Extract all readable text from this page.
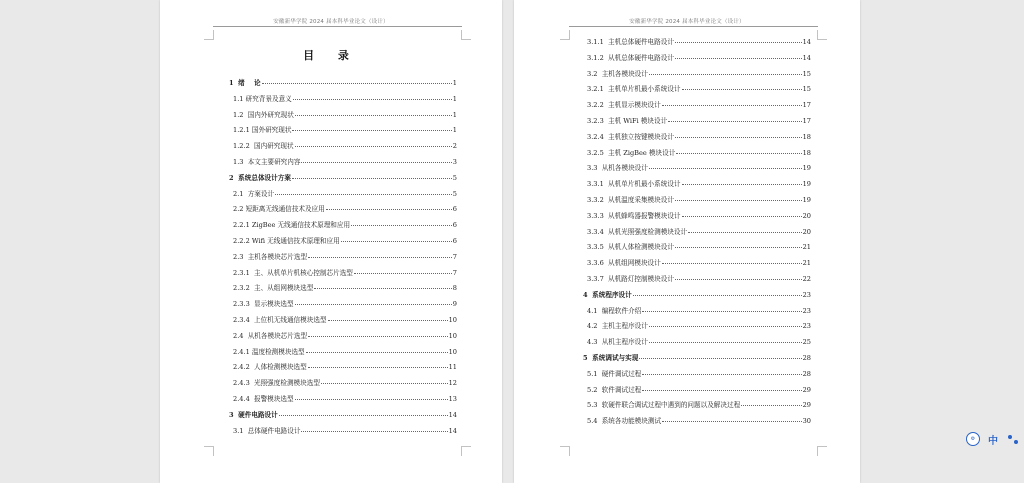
安徽新华学院 2024 届本科毕业论文（设计）
目 录
1 绪    论	1
1.1 研究背景及意义	1
1.2 国内外研究现状	1
1.2.1 国外研究现状	1
1.2.2 国内研究现状	2
1.3 本文主要研究内容	3
2 系统总体设计方案	5
2.1 方案设计	5
2.2 短距离无线通信技术及应用	6
2.2.1 ZigBee 无线通信技术原理和应用	6
2.2.2 Wifi 无线通信技术原理和应用	6
2.3 主机各模块芯片选型	7
2.3.1 主、从机单片机核心控制芯片选型	7
2.3.2 主、从组网模块选型	8
2.3.3 显示模块选型	9
2.3.4 上位机无线通信模块选型	10
2.4 从机各模块芯片选型	10
2.4.1 温度检测模块选型	10
2.4.2 人体检测模块选型	11
2.4.3 光照强度检测模块选型	12
2.4.4 报警模块选型	13
3 硬件电路设计	14
3.1 总体硬件电路设计	14
安徽新华学院 2024 届本科毕业论文（设计）
3.1.1 主机总体硬件电路设计	14
3.1.2 从机总体硬件电路设计	14
3.2 主机各模块设计	15
3.2.1 主机单片机最小系统设计	15
3.2.2 主机显示模块设计	17
3.2.3 主机 WiFi 模块设计	17
3.2.4 主机独立按键模块设计	18
3.2.5 主机 ZigBee 模块设计	18
3.3 从机各模块设计	19
3.3.1 从机单片机最小系统设计	19
3.3.2 从机温度采集模块设计	19
3.3.3 从机蜂鸣器报警模块设计	20
3.3.4 从机光照强度检测模块设计	20
3.3.5 从机人体检测模块设计	21
3.3.6 从机组网模块设计	21
3.3.7 从机路灯控制模块设计	22
4 系统程序设计	23
4.1 编程软件介绍	23
4.2 主机主程序设计	23
4.3 从机主程序设计	25
5 系统调试与实现	28
5.1 硬件调试过程	28
5.2 软件调试过程	29
5.3 软硬件联合调试过程中遇到的问题以及解决过程	29
5.4 系统各功能模块测试	30
⚙	中
